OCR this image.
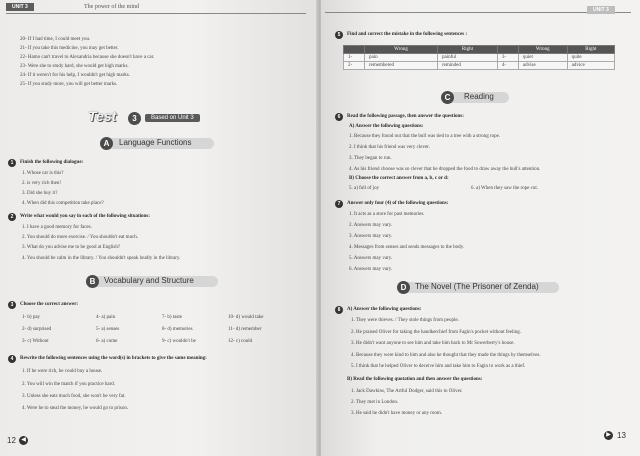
UNIT 3	The power of the mind
20- If I had time, I could meet you.
21- If you take this medicine, you may get better.
22- Hamo can't travel to Alexandria because she doesn't have a car.
23- Were she to study hard, she would get high marks.
24- If it weren't for his help, I wouldn't get high marks.
25- If you study more, you will get better marks.
Test	3	Based on Unit 3
A	Language Functions
1	Finish the following dialogue:
1. Whose car is this?
2. is very rich then!
3. Did she buy it?
4. When did this competition take place?
2	Write what would you say in each of the following situations:
1. I have a good memory for faces.
2. You should do more exercise. / You shouldn't eat much.
3. What do you advise me to be good at English?
4. You should be calm in the library. / You shouldn't speak loudly in the library.
B	Vocabulary and Structure
3	Choose the correct answer:
1- b) pay	4- a) pain	7- b) taste	10- d) would take
2- d) surprised	5- a) senses	8- d) memories	11- d) remember
3- c) Without	6- a) come	9- c) wouldn't be	12- c) could
4	Rewrite the following sentences using the word(s) in brackets to give the same meaning:
1. If he were rich, he could buy a house.
2. You will win the match if you practice hard.
3. Unless she eats much food, she won't be very fat.
4. Were he to steal the money, he would go to prison.
12 ◀
UNIT 3
5	Find and correct the mistake in the following sentences :
	Wrong	Right		Wrong	Right
1-	pain	painful	3-	quiet	quite
2-	remembered	reminded	4-	advise	advice
C	Reading
6	Read the following passage, then answer the questions:
A) Answer the following questions:
1. Because they found out that the bull was tied to a tree with a strong rope.
2. I think that his friend was very clever.
3. They began to run.
4. As his friend choose was so clever that he dropped the food to draw away the bull's attention.
B) Choose the correct answer from a, b, c or d:
5. a) full of joy	6. a) When they saw the rope cut.
7	Answer only four (4) of the following questions:
1. It acts as a store for past memories.
2. Answers may vary.
3. Answers may vary.
4. Messages from senses and sends messages to the body.
5. Answers may vary.
6. Answers may vary.
D	The Novel (The Prisoner of Zenda)
8	A) Answer the following questions:
1. They were thieves. / They stole things from people.
2. He praised Oliver for taking the handkerchief from Fagin's pocket without feeling.
3. He didn't want anyone to see him and take him back to Mr Sowerberry's house.
4. Because they were kind to him and also he thought that they made the things by themselves.
5. I think that he helped Oliver to deceive him and take him to Fagin to work as a thief.
B) Read the following quotation and then answer the questions:
1. Jack Dawkins, The Artful Dodger, said this to Oliver.
2. They met in London.
3. He said he didn't have money or any room.
▶ 13
